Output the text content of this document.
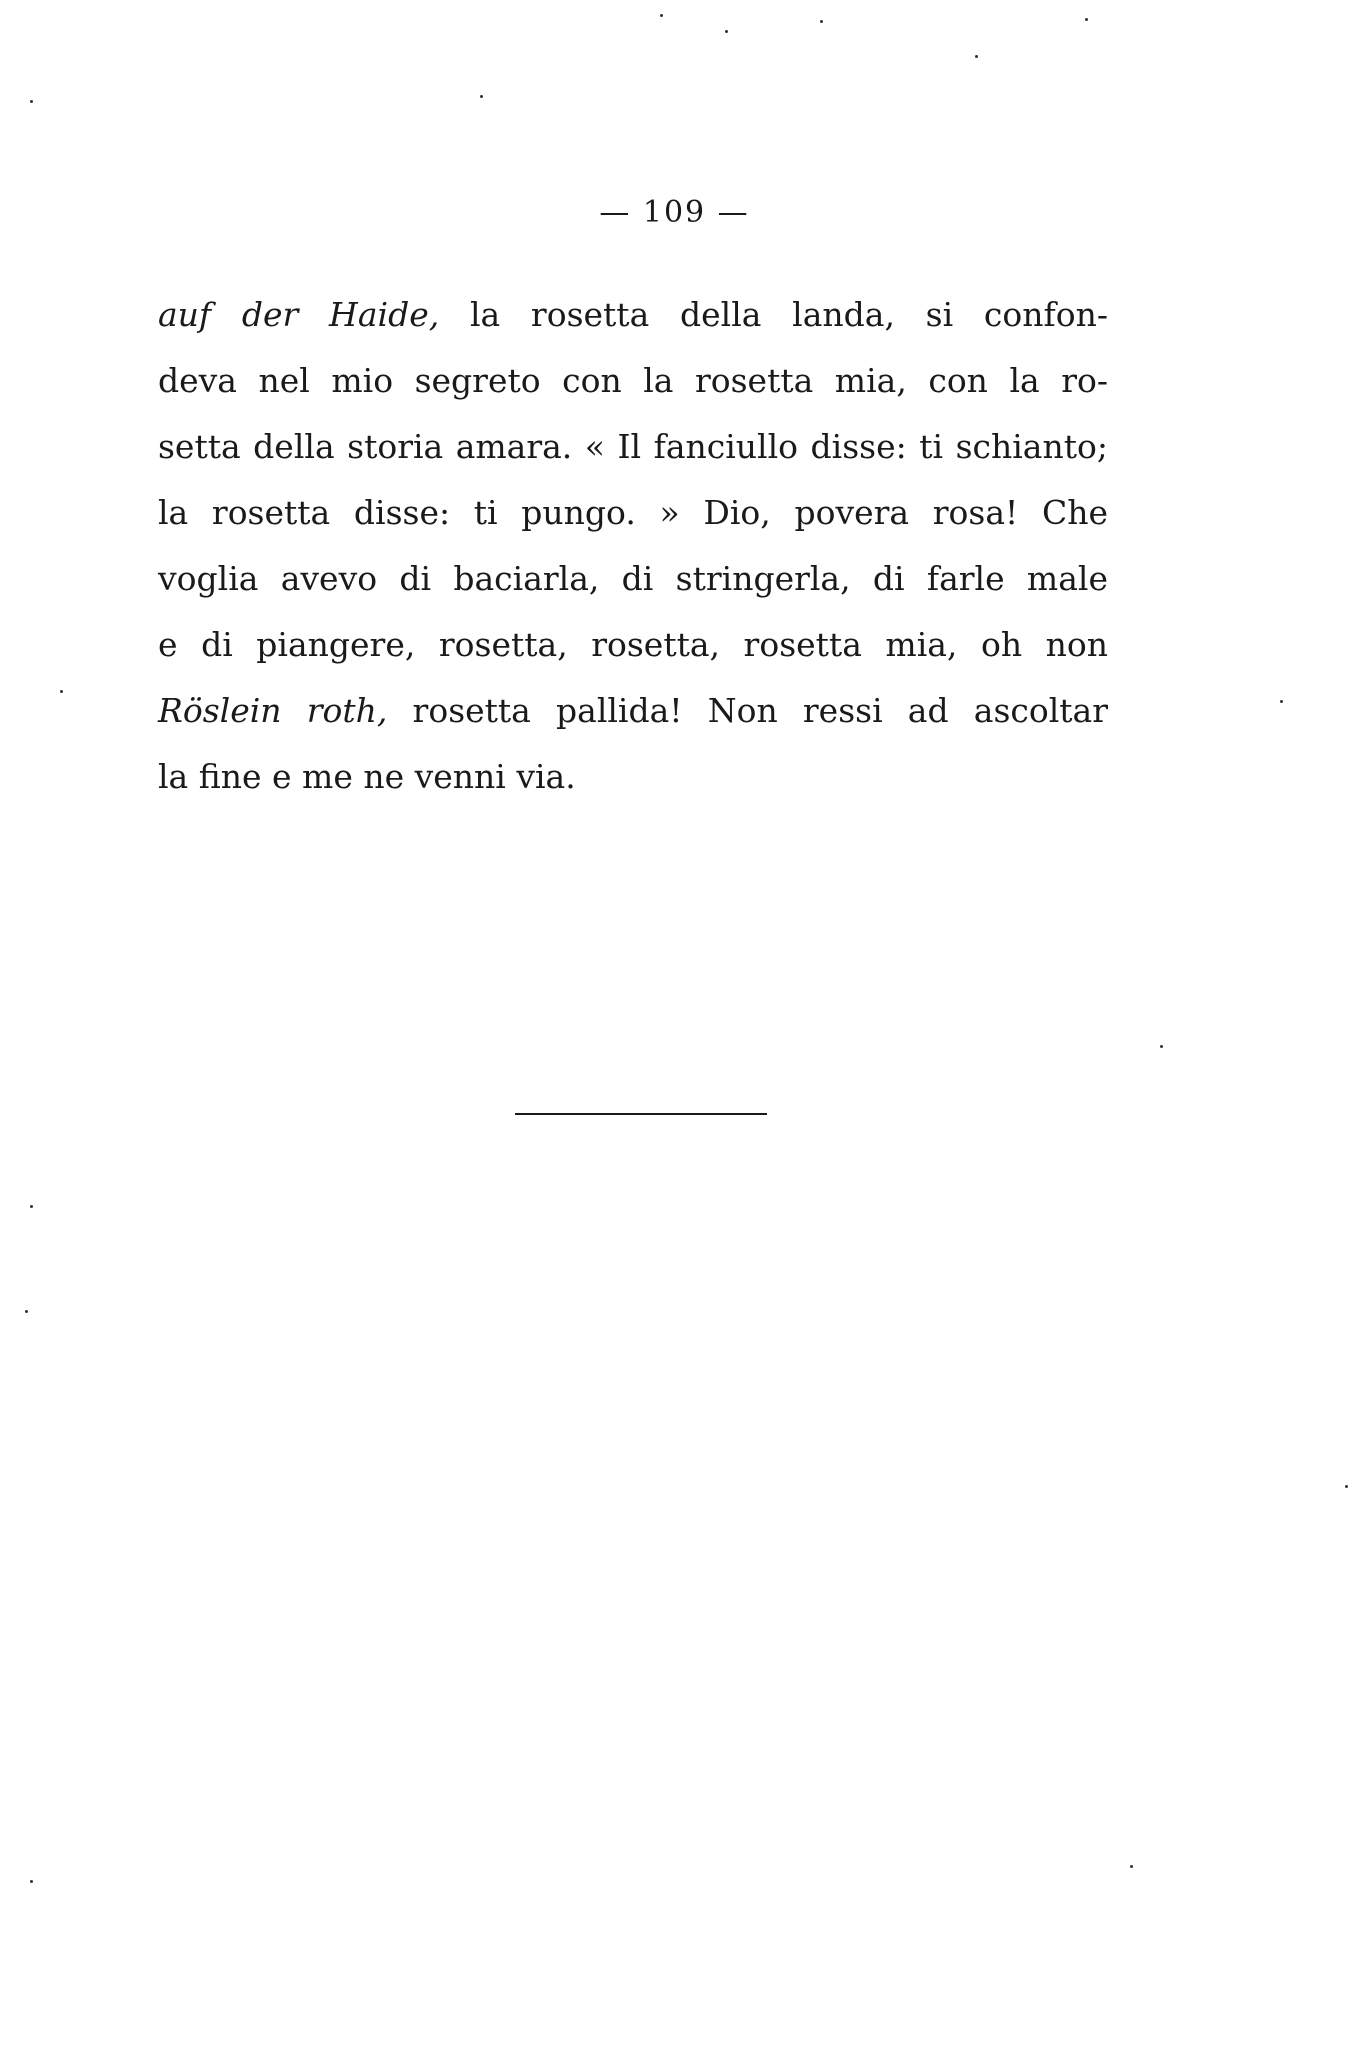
— 109 —
auf der Haide, la rosetta della landa, si confon-
deva nel mio segreto con la rosetta mia, con la ro-
setta della storia amara. « Il fanciullo disse: ti schianto;
la rosetta disse: ti pungo. » Dio, povera rosa! Che
voglia avevo di baciarla, di stringerla, di farle male
e di piangere, rosetta, rosetta, rosetta mia, oh non
Röslein roth, rosetta pallida! Non ressi ad ascoltar
la fine e me ne venni via.
